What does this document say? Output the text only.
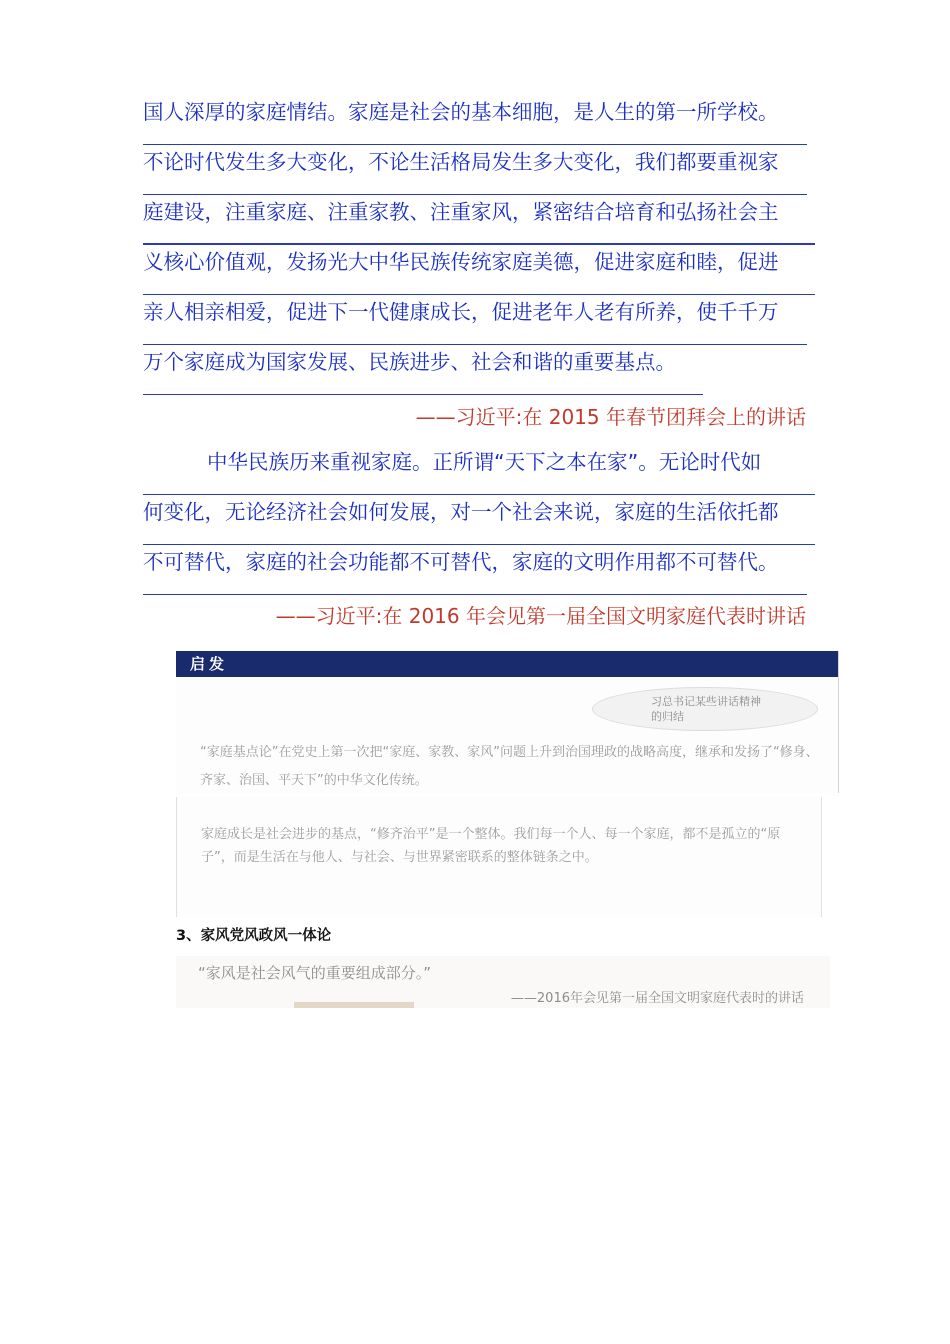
国人深厚的家庭情结。家庭是社会的基本细胞，是人生的第一所学校。
不论时代发生多大变化，不论生活格局发生多大变化，我们都要重视家
庭建设，注重家庭、注重家教、注重家风，紧密结合培育和弘扬社会主
义核心价值观，发扬光大中华民族传统家庭美德，促进家庭和睦，促进
亲人相亲相爱，促进下一代健康成长，促进老年人老有所养，使千千万
万个家庭成为国家发展、民族进步、社会和谐的重要基点。
——习近平:在 2015 年春节团拜会上的讲话
中华民族历来重视家庭。正所谓“天下之本在家”。无论时代如
何变化，无论经济社会如何发展，对一个社会来说，家庭的生活依托都
不可替代，家庭的社会功能都不可替代，家庭的文明作用都不可替代。
——习近平:在 2016 年会见第一届全国文明家庭代表时讲话
启发
习总书记某些讲话精神的归结
“家庭基点论”在党史上第一次把“家庭、家教、家风”问题上升到治国理政的战略高度，继承和发扬了“修身、齐家、治国、平天下”的中华文化传统。
家庭成长是社会进步的基点，“修齐治平”是一个整体。我们每一个人、每一个家庭，都不是孤立的“原子”，而是生活在与他人、与社会、与世界紧密联系的整体链条之中。
3、家风党风政风一体论
“家风是社会风气的重要组成部分。”
——2016年会见第一届全国文明家庭代表时的讲话
